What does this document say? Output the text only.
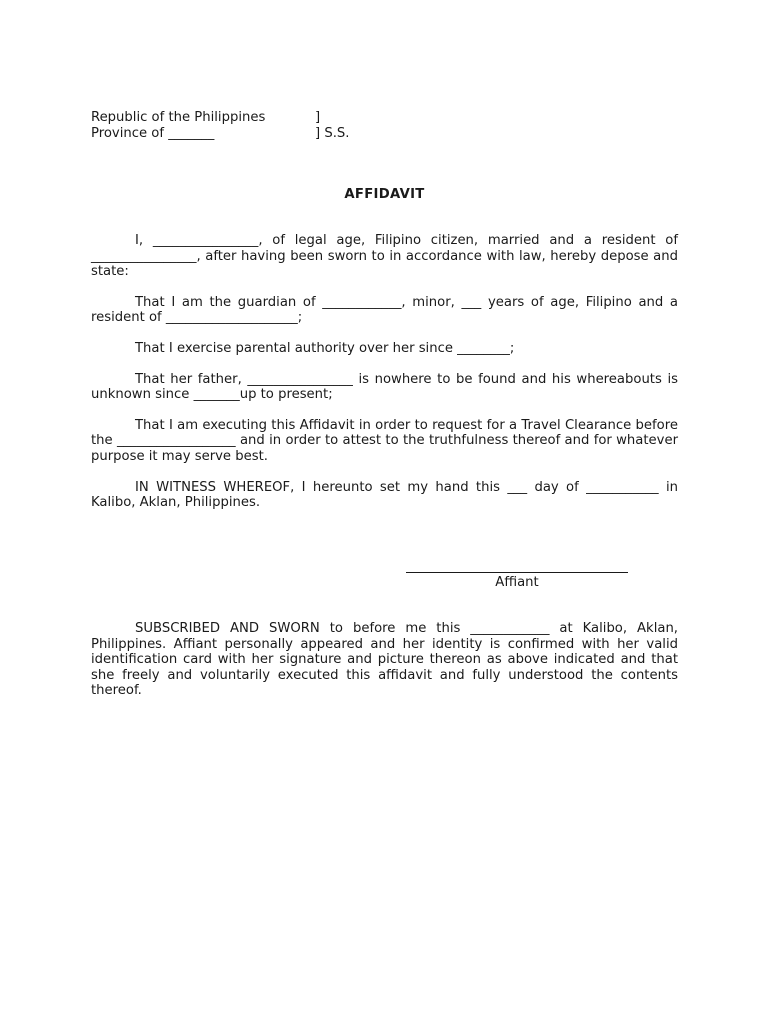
Republic of the Philippines	]
Province of _______	] S.S.
AFFIDAVIT

I, ________________, of legal age, Filipino citizen, married and a resident of ________________, after having been sworn to in accordance with law, hereby depose and state:

That I am the guardian of ____________, minor, ___ years of age, Filipino and a resident of ____________________;

That I exercise parental authority over her since ________;

That her father, ________________ is nowhere to be found and his whereabouts is unknown since _______up to present;

That I am executing this Affidavit in order to request for a Travel Clearance before the __________________ and in order to attest to the truthfulness thereof and for whatever purpose it may serve best.

IN WITNESS WHEREOF, I hereunto set my hand this ___ day of ___________ in Kalibo, Aklan, Philippines.

Affiant

SUBSCRIBED AND SWORN to before me this ____________ at Kalibo, Aklan, Philippines. Affiant personally appeared and her identity is confirmed with her valid identification card with her signature and picture thereon as above indicated and that she freely and voluntarily executed this affidavit and fully understood the contents thereof.
